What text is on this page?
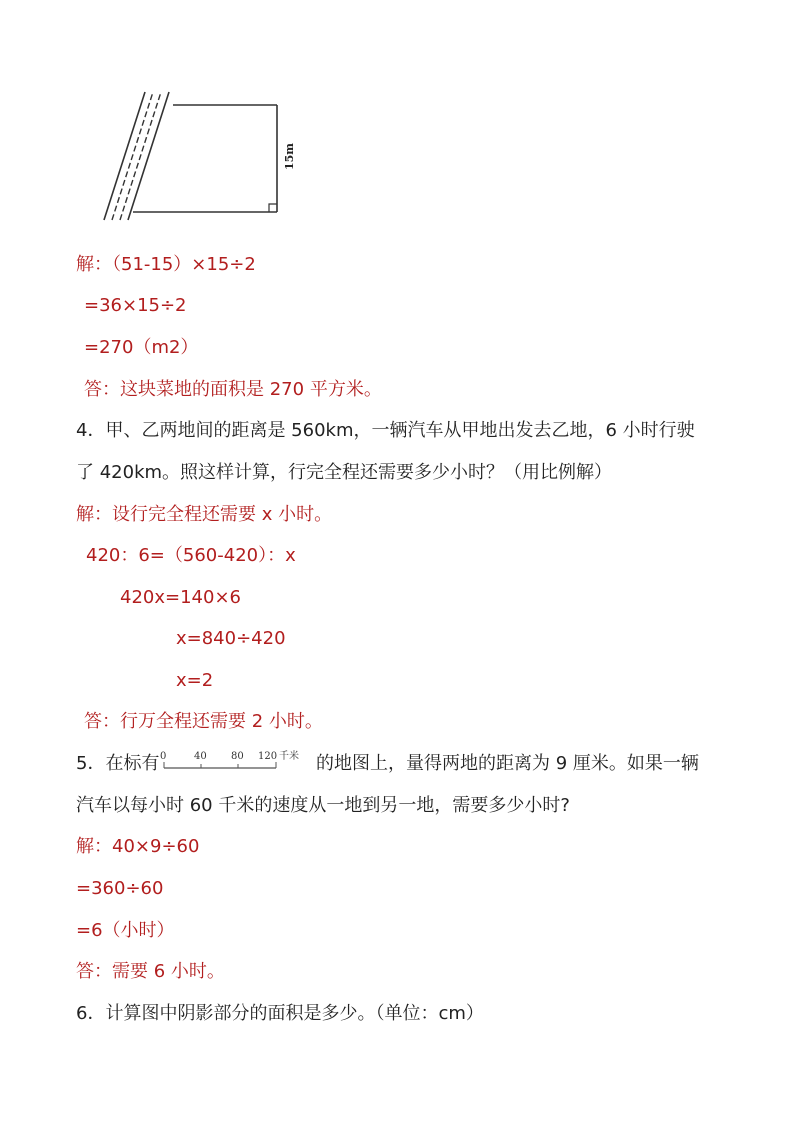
15m
解：（51-15）×15÷2
=36×15÷2
=270（m2）
答：这块菜地的面积是 270 平方米。
4．甲、乙两地间的距离是 560km，一辆汽车从甲地出发去乙地，6 小时行驶
了 420km。照这样计算，行完全程还需要多少小时？（用比例解）
解：设行完全程还需要 x 小时。
420：6=（560-420）：x
420x=140×6
x=840÷420
x=2
答：行万全程还需要 2 小时。
5．在标有 0	40 80 120 千米 的地图上，量得两地的距离为 9 厘米。如果一辆
汽车以每小时 60 千米的速度从一地到另一地，需要多少小时?
解：40×9÷60
=360÷60
=6（小时）
答：需要 6 小时。
6．计算图中阴影部分的面积是多少。（单位：cm）
